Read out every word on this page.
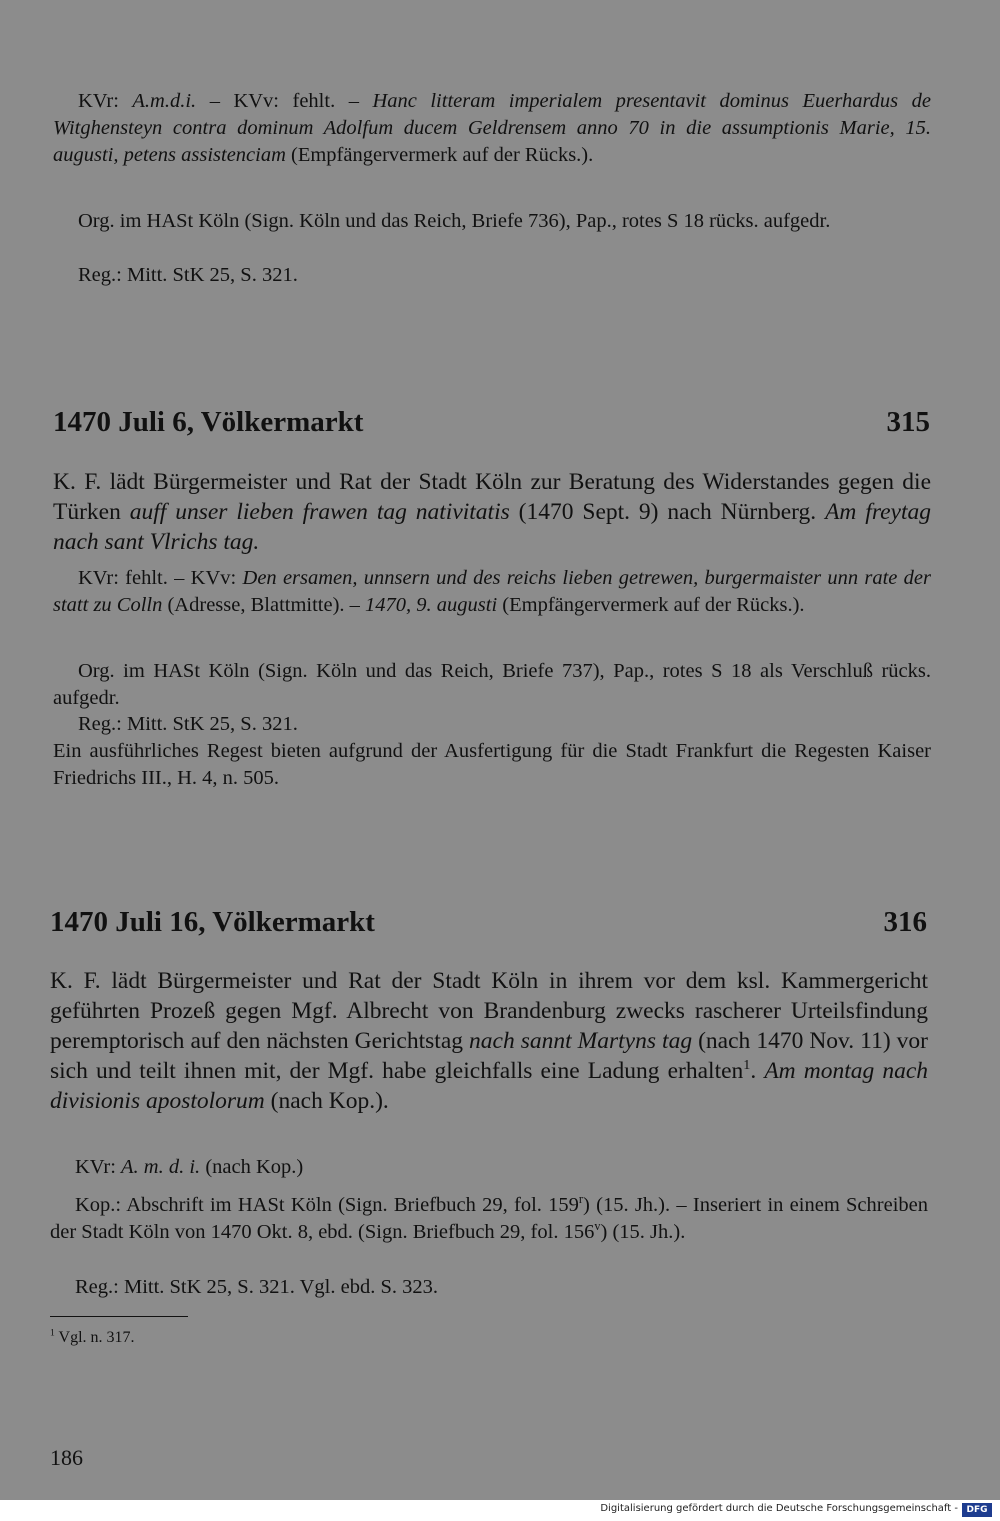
KVr: A.m.d.i. – KVv: fehlt. – Hanc litteram imperialem presentavit dominus Euerhardus de Witghensteyn contra dominum Adolfum ducem Geldrensem anno 70 in die assumptionis Marie, 15. augusti, petens assistenciam (Empfängervermerk auf der Rücks.).

Org. im HASt Köln (Sign. Köln und das Reich, Briefe 736), Pap., rotes S 18 rücks. aufgedr.

Reg.: Mitt. StK 25, S. 321.

1470 Juli 6, Völkermarkt	315

K. F. lädt Bürgermeister und Rat der Stadt Köln zur Beratung des Widerstandes gegen die Türken auff unser lieben frawen tag nativitatis (1470 Sept. 9) nach Nürnberg. Am freytag nach sant Vlrichs tag.

KVr: fehlt. – KVv: Den ersamen, unnsern und des reichs lieben getrewen, burgermaister unn rate der statt zu Colln (Adresse, Blattmitte). – 1470, 9. augusti (Empfängervermerk auf der Rücks.).

Org. im HASt Köln (Sign. Köln und das Reich, Briefe 737), Pap., rotes S 18 als Verschluß rücks. aufgedr.

Reg.: Mitt. StK 25, S. 321.

Ein ausführliches Regest bieten aufgrund der Ausfertigung für die Stadt Frankfurt die Regesten Kaiser Friedrichs III., H. 4, n. 505.

1470 Juli 16, Völkermarkt	316

K. F. lädt Bürgermeister und Rat der Stadt Köln in ihrem vor dem ksl. Kammergericht geführten Prozeß gegen Mgf. Albrecht von Brandenburg zwecks rascherer Urteilsfindung peremptorisch auf den nächsten Gerichtstag nach sannt Martyns tag (nach 1470 Nov. 11) vor sich und teilt ihnen mit, der Mgf. habe gleichfalls eine Ladung erhalten$^1$. Am montag nach divisionis apostolorum (nach Kop.).

KVr: A. m. d. i. (nach Kop.)

Kop.: Abschrift im HASt Köln (Sign. Briefbuch 29, fol. 159$^r$) (15. Jh.). – Inseriert in einem Schreiben der Stadt Köln von 1470 Okt. 8, ebd. (Sign. Briefbuch 29, fol. 156$^v$) (15. Jh.).

Reg.: Mitt. StK 25, S. 321. Vgl. ebd. S. 323.

$^1$ Vgl. n. 317.

186

Digitalisierung gefördert durch die Deutsche Forschungsgemeinschaft - DFG
